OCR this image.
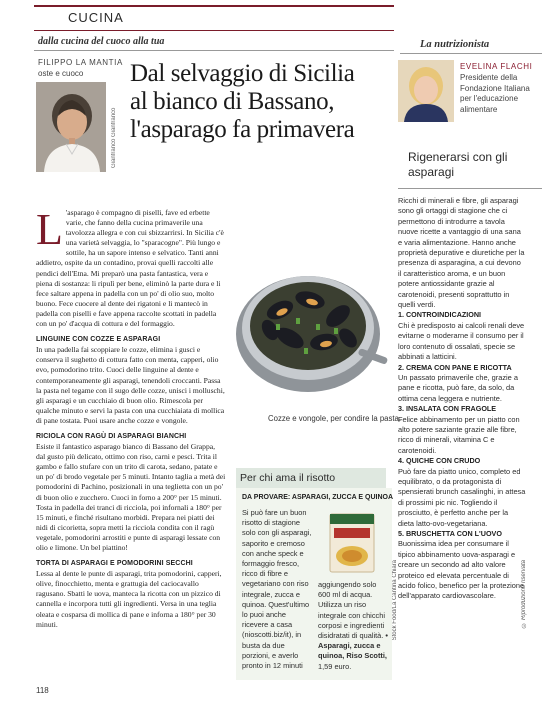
CUCINA
dalla cucina del cuoco alla tua	La nutrizionista
FILIPPO LA MANTIA
oste e cuoco
Gianfranco Gianfranco
Dal selvaggio di Sicilia
al bianco di Bassano,
l'asparago fa primavera
EVELINA FLACHI
Presidente della Fondazione Italiana per l'educazione alimentare
Rigenerarsi con gli asparagi

Ricchi di minerali e fibre, gli asparagi sono gli ortaggi di stagione che ci permettono di introdurre a tavola nuove ricette a vantaggio di una sana e varia alimentazione. Hanno anche proprietà depurative e diuretiche per la presenza di asparagina, a cui devono il caratteristico aroma, e un buon potere antiossidante grazie al carotenoidi, presenti soprattutto in quelli verdi.

1. CONTROINDICAZIONI

Chi è predisposto ai calcoli renali deve evitarne o moderarne il consumo per il loro contenuto di ossalati, specie se abbinati a latticini.

2. CREMA CON PANE E RICOTTA

Un passato primaverile che, grazie a pane e ricotta, può fare, da solo, da ottima cena leggera e nutriente.

3. INSALATA CON FRAGOLE

Felice abbinamento per un piatto con alto potere saziante grazie alle fibre, ricco di minerali, vitamina C e carotenoidi.

4. QUICHE CON CRUDO

Può fare da piatto unico, completo ed equilibrato, o da protagonista di spensierati brunch casalinghi, in attesa di prossimi pic nic. Togliendo il prosciutto, è perfetto anche per la dieta latto-ovo-vegetariana.

5. BRUSCHETTA CON L'UOVO

Buonissima idea per consumare il tipico abbinamento uova-asparagi e creare un secondo ad alto valore proteico ed elevata percentuale di acido folico, benefico per la protezione dell'apparato cardiovascolare.	© Riproduzione riservata

L 'asparago è compagno di piselli, fave ed erbette varie, che fanno della cucina primaverile una tavolozza allegra e con cui sbizzarrirsi. In Sicilia c'è una varietà selvaggia, lo "sparacogne". Più lungo e sottile, ha un sapore intenso e selvatico. Tanti anni addietro, ospite da un contadino, provai quelli raccolti alle pendici dell'Etna. Mi preparò una pasta fantastica, vera e piena di sostanza: li ripulì per bene, eliminò la parte dura e li fece saltare appena in padella con un po' di olio suo, molto buono. Fece cuocere al dente dei rigatoni e li mantecò in padella con piselli e fave appena raccolte scottati in padella con un po' d'acqua di cottura e del formaggio.

LINGUINE CON COZZE E ASPARAGI

In una padella fai scoppiare le cozze, elimina i gusci e conserva il sughetto di cottura fatto con menta, capperi, olio evo, pomodorino trito. Cuoci delle linguine al dente e contemporaneamente gli asparagi, tenendoli croccanti. Passa la pasta nel tegame con il sugo delle cozze, unisci i molluschi, gli asparagi e un cucchiaio di buon olio. Rimescola per qualche minuto e servi la pasta con una cucchiaiata di mollica di pane tostata. Puoi usare anche cozze e vongole.

RICIOLA CON RAGÙ DI ASPARAGI BIANCHI

Esiste il fantastico asparago bianco di Bassano del Grappa, dal gusto più delicato, ottimo con riso, carni e pesci. Trita il gambo e fallo stufare con un trito di carota, sedano, patate e un po' di brodo vegetale per 5 minuti. Intanto taglia a metà dei pomodorini di Pachino, posizionali in una teglietta con un po' di buon olio e zucchero. Cuoci in forno a 200° per 15 minuti. Tosta in padella dei tranci di ricciola, poi infornali a 180° per 15 minuti, e finché risultano morbidi. Prepara nei piatti dei nidi di cicorietta, sopra metti la ricciola condita con il ragù vegetale, pomodorini arrostiti e punte di asparagi lessate con olio e limone. Un bel piattino!

TORTA DI ASPARAGI E POMODORINI SECCHI

Lessa al dente le punte di asparagi, trita pomodorini, capperi, olive, finocchietto, menta e grattugia del caciocavallo ragusano. Sbatti le uova, manteca la ricotta con un pizzico di cannella e incorpora tutti gli ingredienti. Versa in una teglia oleata e cosparsa di mollica di pane e inforna a 180° per 30 minuti.

Cozze e vongole, per condire la pasta.
Per chi ama il risotto
DA PROVARE: ASPARAGI, ZUCCA E QUINOA
Si può fare un buon risotto di stagione solo con gli asparagi, saporito e cremoso con anche speck e formaggio fresco, ricco di fibre e vegetariano con riso integrale, zucca e quinoa. Quest'ultimo lo puoi anche ricevere a casa (nioscotti.biz/it), in busta da due porzioni, e averlo pronto in 12 minuti
aggiungendo solo 600 ml di acqua. Utilizza un riso integrale con chicchi corposi e ingredienti disidratati di qualità. • Asparagi, zucca e quinoa, Riso Scotti, 1,59 euro.
Stock Food/La Cantina Chiara
118
